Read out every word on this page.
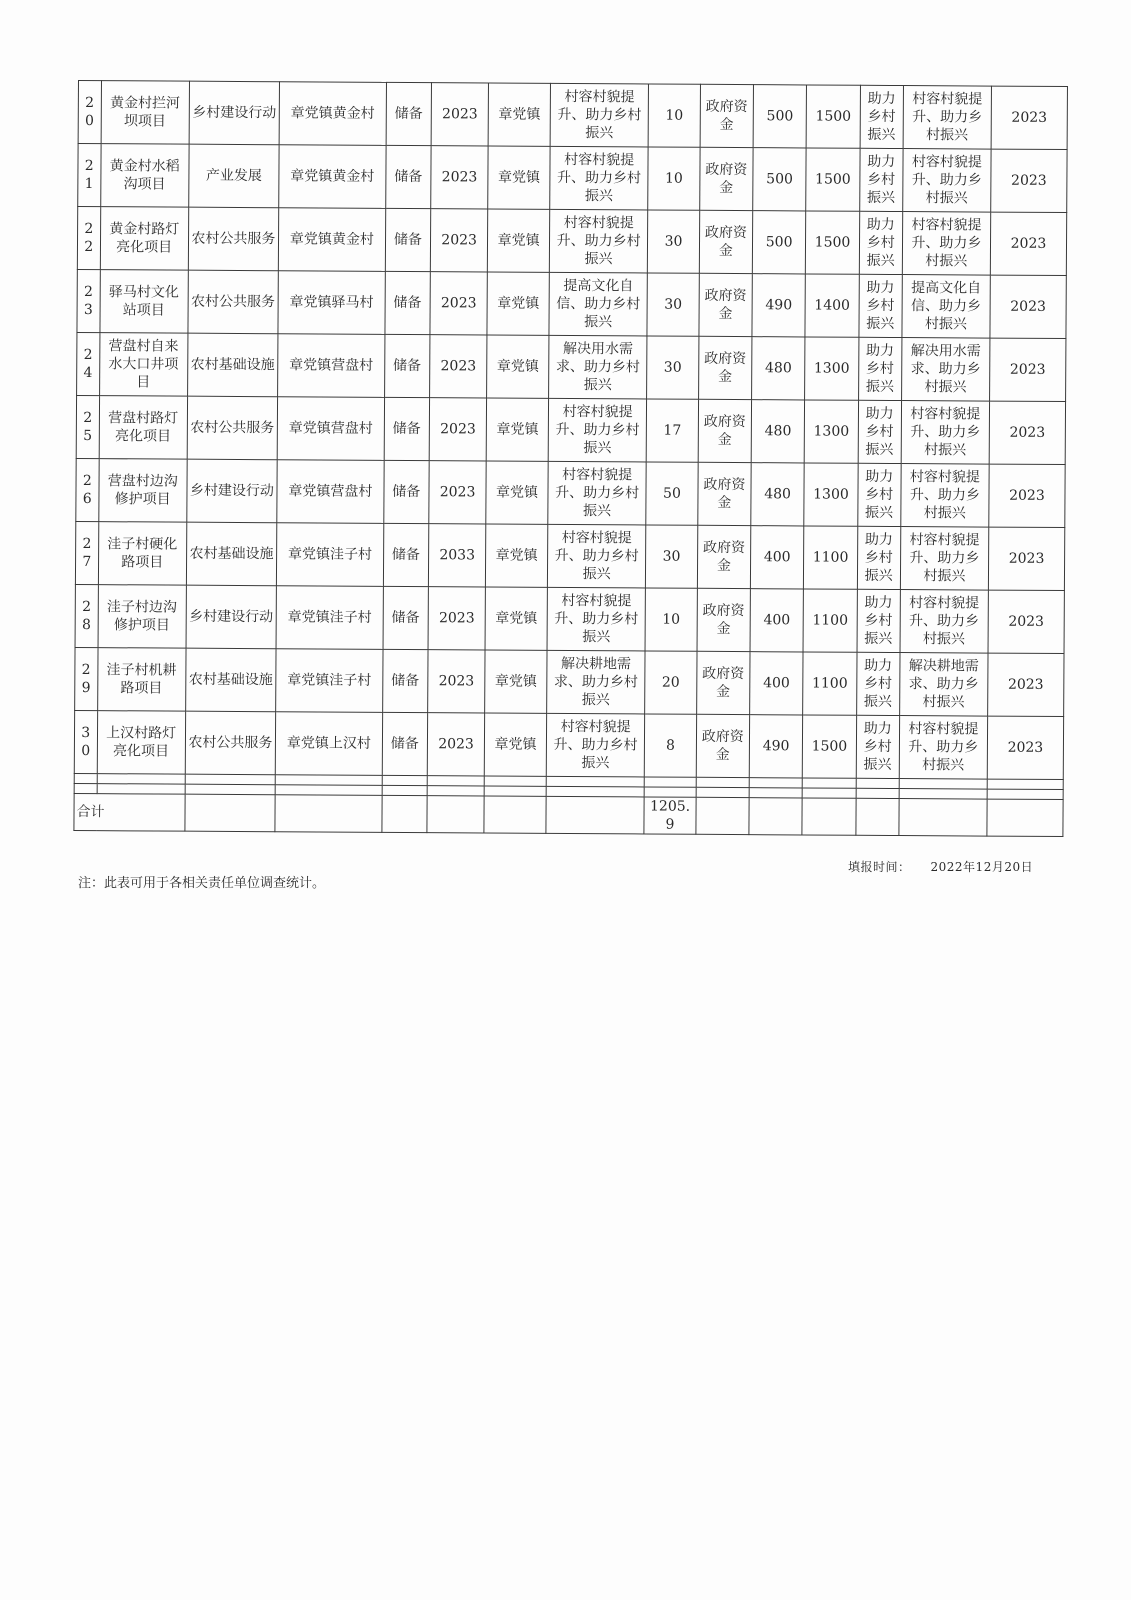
20	黄金村拦河坝项目	乡村建设行动	章党镇黄金村	储备	2023	章党镇	村容村貌提升、助力乡村振兴	10	政府资金	500	1500	助力乡村振兴	村容村貌提升、助力乡村振兴	2023
21	黄金村水稻沟项目	产业发展	章党镇黄金村	储备	2023	章党镇	村容村貌提升、助力乡村振兴	10	政府资金	500	1500	助力乡村振兴	村容村貌提升、助力乡村振兴	2023
22	黄金村路灯亮化项目	农村公共服务	章党镇黄金村	储备	2023	章党镇	村容村貌提升、助力乡村振兴	30	政府资金	500	1500	助力乡村振兴	村容村貌提升、助力乡村振兴	2023
23	驿马村文化站项目	农村公共服务	章党镇驿马村	储备	2023	章党镇	提高文化自信、助力乡村振兴	30	政府资金	490	1400	助力乡村振兴	提高文化自信、助力乡村振兴	2023
24	营盘村自来水大口井项目	农村基础设施	章党镇营盘村	储备	2023	章党镇	解决用水需求、助力乡村振兴	30	政府资金	480	1300	助力乡村振兴	解决用水需求、助力乡村振兴	2023
25	营盘村路灯亮化项目	农村公共服务	章党镇营盘村	储备	2023	章党镇	村容村貌提升、助力乡村振兴	17	政府资金	480	1300	助力乡村振兴	村容村貌提升、助力乡村振兴	2023
26	营盘村边沟修护项目	乡村建设行动	章党镇营盘村	储备	2023	章党镇	村容村貌提升、助力乡村振兴	50	政府资金	480	1300	助力乡村振兴	村容村貌提升、助力乡村振兴	2023
27	洼子村硬化路项目	农村基础设施	章党镇洼子村	储备	2033	章党镇	村容村貌提升、助力乡村振兴	30	政府资金	400	1100	助力乡村振兴	村容村貌提升、助力乡村振兴	2023
28	洼子村边沟修护项目	乡村建设行动	章党镇洼子村	储备	2023	章党镇	村容村貌提升、助力乡村振兴	10	政府资金	400	1100	助力乡村振兴	村容村貌提升、助力乡村振兴	2023
29	洼子村机耕路项目	农村基础设施	章党镇洼子村	储备	2023	章党镇	解决耕地需求、助力乡村振兴	20	政府资金	400	1100	助力乡村振兴	解决耕地需求、助力乡村振兴	2023
30	上汉村路灯亮化项目	农村公共服务	章党镇上汉村	储备	2023	章党镇	村容村貌提升、助力乡村振兴	8	政府资金	490	1500	助力乡村振兴	村容村貌提升、助力乡村振兴	2023

合计								1205.9						
注：此表可用于各相关责任单位调查统计。
填报时间： 2022年12月20日
